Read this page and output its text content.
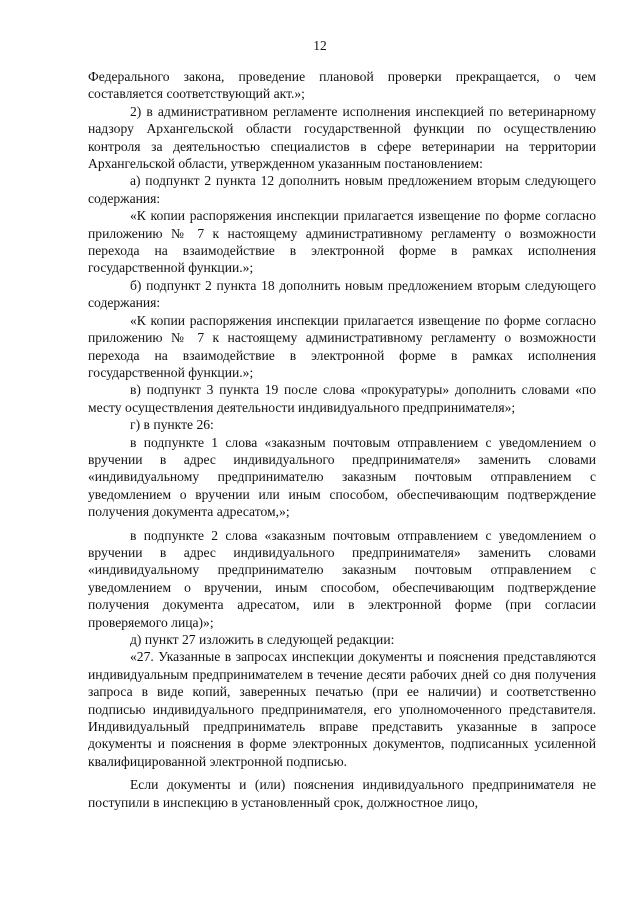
12

Федерального закона, проведение плановой проверки прекращается, о чем составляется соответствующий акт.»;

2) в административном регламенте исполнения инспекцией по ветеринарному надзору Архангельской области государственной функции по осуществлению контроля за деятельностью специалистов в сфере ветеринарии на территории Архангельской области, утвержденном указанным постановлением:

а) подпункт 2 пункта 12 дополнить новым предложением вторым следующего содержания:

«К копии распоряжения инспекции прилагается извещение по форме согласно приложению № 7 к настоящему административному регламенту о возможности перехода на взаимодействие в электронной форме в рамках исполнения государственной функции.»;

б) подпункт 2 пункта 18 дополнить новым предложением вторым следующего содержания:

«К копии распоряжения инспекции прилагается извещение по форме согласно приложению № 7 к настоящему административному регламенту о возможности перехода на взаимодействие в электронной форме в рамках исполнения государственной функции.»;

в) подпункт 3 пункта 19 после слова «прокуратуры» дополнить словами «по месту осуществления деятельности индивидуального предпринимателя»;

г) в пункте 26:

в подпункте 1 слова «заказным почтовым отправлением с уведомлением о вручении в адрес индивидуального предпринимателя» заменить словами «индивидуальному предпринимателю заказным почтовым отправлением с уведомлением о вручении или иным способом, обеспечивающим подтверждение получения документа адресатом,»;

в подпункте 2 слова «заказным почтовым отправлением с уведомлением о вручении в адрес индивидуального предпринимателя» заменить словами «индивидуальному предпринимателю заказным почтовым отправлением с уведомлением о вручении, иным способом, обеспечивающим подтверждение получения документа адресатом, или в электронной форме (при согласии проверяемого лица)»;

д) пункт 27 изложить в следующей редакции:

«27. Указанные в запросах инспекции документы и пояснения представляются индивидуальным предпринимателем в течение десяти рабочих дней со дня получения запроса в виде копий, заверенных печатью (при ее наличии) и соответственно подписью индивидуального предпринимателя, его уполномоченного представителя. Индивидуальный предприниматель вправе представить указанные в запросе документы и пояснения в форме электронных документов, подписанных усиленной квалифицированной электронной подписью.

Если документы и (или) пояснения индивидуального предпринимателя не поступили в инспекцию в установленный срок, должностное лицо,
